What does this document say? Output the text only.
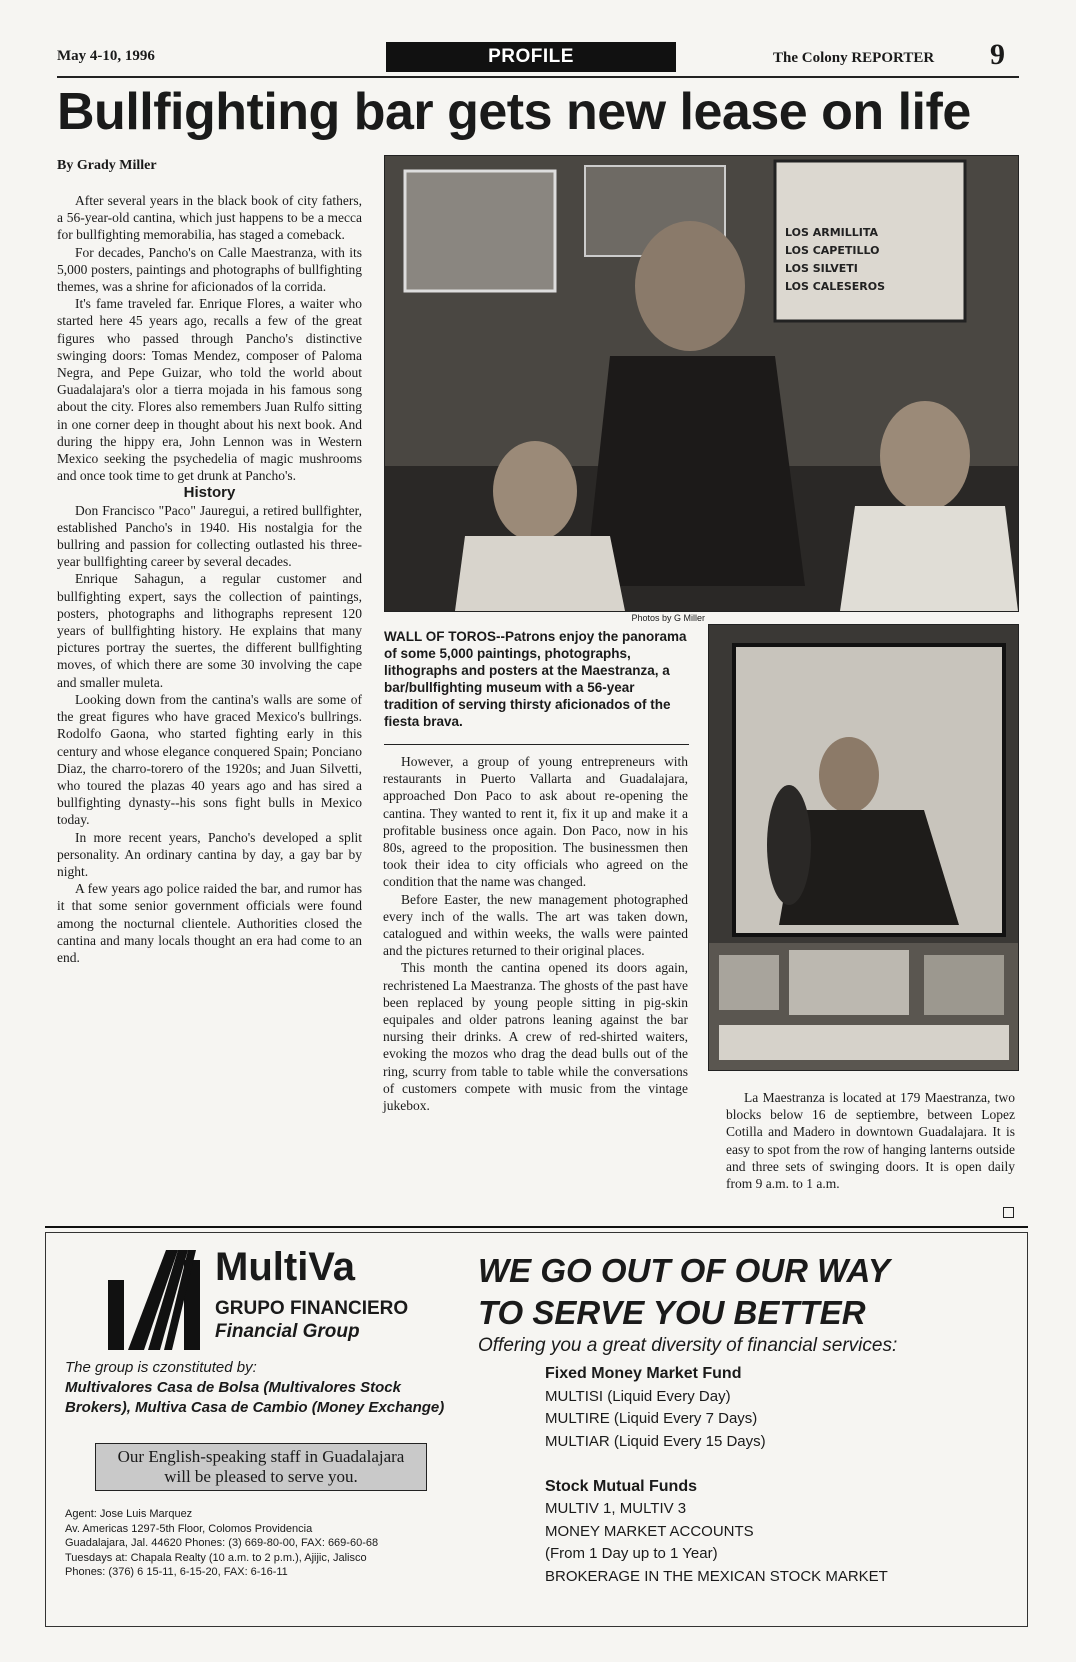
May 4-10, 1996	PROFILE	The Colony REPORTER 9
Bullfighting bar gets new lease on life
By Grady Miller

After several years in the black book of city fathers, a 56-year-old cantina, which just happens to be a mecca for bullfighting memorabilia, has staged a comeback.

For decades, Pancho's on Calle Maestranza, with its 5,000 posters, paintings and photographs of bullfighting themes, was a shrine for aficionados of la corrida.

It's fame traveled far. Enrique Flores, a waiter who started here 45 years ago, recalls a few of the great figures who passed through Pancho's distinctive swinging doors: Tomas Mendez, composer of Paloma Negra, and Pepe Guizar, who told the world about Guadalajara's olor a tierra mojada in his famous song about the city. Flores also remembers Juan Rulfo sitting in one corner deep in thought about his next book. And during the hippy era, John Lennon was in Western Mexico seeking the psychedelia of magic mushrooms and once took time to get drunk at Pancho's.

History

Don Francisco "Paco" Jauregui, a retired bullfighter, established Pancho's in 1940. His nostalgia for the bullring and passion for collecting outlasted his three-year bullfighting career by several decades.

Enrique Sahagun, a regular customer and bullfighting expert, says the collection of paintings, posters, photographs and lithographs represent 120 years of bullfighting history. He explains that many pictures portray the suertes, the different bullfighting moves, of which there are some 30 involving the cape and smaller muleta.

Looking down from the cantina's walls are some of the great figures who have graced Mexico's bullrings. Rodolfo Gaona, who started fighting early in this century and whose elegance conquered Spain; Ponciano Diaz, the charro-torero of the 1920s; and Juan Silvetti, who toured the plazas 40 years ago and has sired a bullfighting dynasty--his sons fight bulls in Mexico today.

In more recent years, Pancho's developed a split personality. An ordinary cantina by day, a gay bar by night.

A few years ago police raided the bar, and rumor has it that some senior government officials were found among the nocturnal clientele. Authorities closed the cantina and many locals thought an era had come to an end.

LOS ARMILLITA
LOS CAPETILLO
LOS SILVETI
LOS CALESEROS
Photos by G Miller
WALL OF TOROS--Patrons enjoy the panorama of some 5,000 paintings, photographs, lithographs and posters at the Maestranza, a bar/bullfighting museum with a 56-year tradition of serving thirsty aficionados of the fiesta brava.

However, a group of young entrepreneurs with restaurants in Puerto Vallarta and Guadalajara, approached Don Paco to ask about re-opening the cantina. They wanted to rent it, fix it up and make it a profitable business once again. Don Paco, now in his 80s, agreed to the proposition. The businessmen then took their idea to city officials who agreed on the condition that the name was changed.

Before Easter, the new management photographed every inch of the walls. The art was taken down, catalogued and within weeks, the walls were painted and the pictures returned to their original places.

This month the cantina opened its doors again, rechristened La Maestranza. The ghosts of the past have been replaced by young people sitting in pig-skin equipales and older patrons leaning against the bar nursing their drinks. A crew of red-shirted waiters, evoking the mozos who drag the dead bulls out of the ring, scurry from table to table while the conversations of customers compete with music from the vintage jukebox.

La Maestranza is located at 179 Maestranza, two blocks below 16 de septiembre, between Lopez Cotilla and Madero in downtown Guadalajara. It is easy to spot from the row of hanging lanterns outside and three sets of swinging doors. It is open daily from 9 a.m. to 1 a.m.

MultiVa
GRUPO FINANCIERO
Financial Group
The group is czonstituted by:
Multivalores Casa de Bolsa (Multivalores Stock Brokers), Multiva Casa de Cambio (Money Exchange)
Our English-speaking staff in Guadalajara
will be pleased to serve you.
Agent: Jose Luis Marquez
Av. Americas 1297-5th Floor, Colomos Providencia
Guadalajara, Jal. 44620 Phones: (3) 669-80-00, FAX: 669-60-68
Tuesdays at: Chapala Realty (10 a.m. to 2 p.m.), Ajijic, Jalisco
Phones: (376) 6 15-11, 6-15-20, FAX: 6-16-11
WE GO OUT OF OUR WAY
TO SERVE YOU BETTER
Offering you a great diversity of financial services:
Fixed Money Market Fund
MULTISI (Liquid Every Day)
MULTIRE (Liquid Every 7 Days)
MULTIAR (Liquid Every 15 Days)

Stock Mutual Funds
MULTIV 1, MULTIV 3
MONEY MARKET ACCOUNTS
(From 1 Day up to 1 Year)
BROKERAGE IN THE MEXICAN STOCK MARKET
